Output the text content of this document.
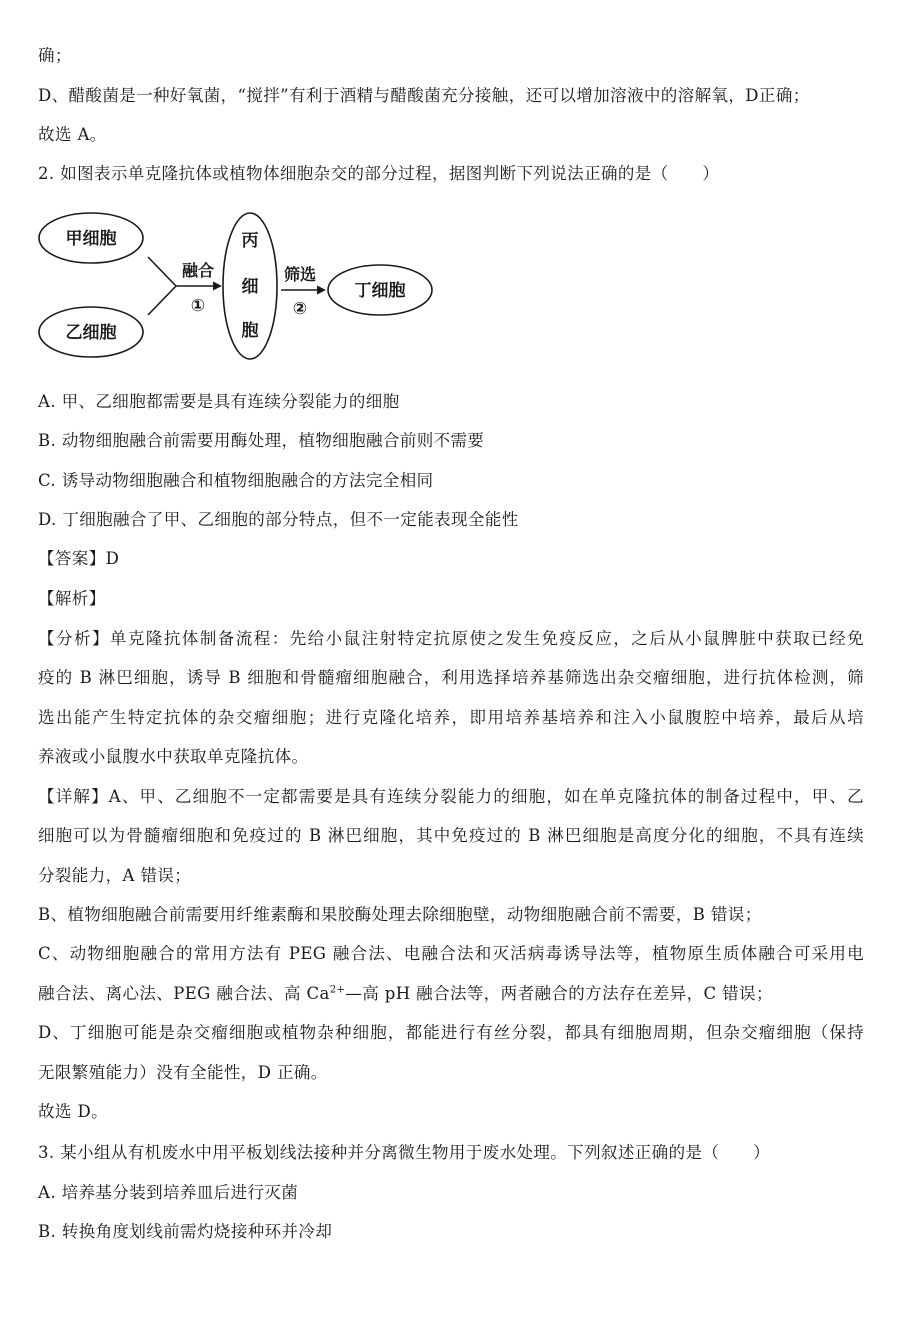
确；
D、醋酸菌是一种好氧菌，“搅拌”有利于酒精与醋酸菌充分接触，还可以增加溶液中的溶解氧，D正确；
故选 A。
2. 如图表示单克隆抗体或植物体细胞杂交的部分过程，据图判断下列说法正确的是（　　）
甲细胞
乙细胞
丙
细
胞
丁细胞
融合
①
筛选
②
A. 甲、乙细胞都需要是具有连续分裂能力的细胞
B. 动物细胞融合前需要用酶处理，植物细胞融合前则不需要
C. 诱导动物细胞融合和植物细胞融合的方法完全相同
D. 丁细胞融合了甲、乙细胞的部分特点，但不一定能表现全能性
【答案】D
【解析】
【分析】单克隆抗体制备流程：先给小鼠注射特定抗原使之发生免疫反应，之后从小鼠脾脏中获取已经免
疫的 B 淋巴细胞，诱导 B 细胞和骨髓瘤细胞融合，利用选择培养基筛选出杂交瘤细胞，进行抗体检测，筛
选出能产生特定抗体的杂交瘤细胞；进行克隆化培养，即用培养基培养和注入小鼠腹腔中培养，最后从培
养液或小鼠腹水中获取单克隆抗体。
【详解】A、甲、乙细胞不一定都需要是具有连续分裂能力的细胞，如在单克隆抗体的制备过程中，甲、乙
细胞可以为骨髓瘤细胞和免疫过的 B 淋巴细胞，其中免疫过的 B 淋巴细胞是高度分化的细胞，不具有连续
分裂能力，A 错误；
B、植物细胞融合前需要用纤维素酶和果胶酶处理去除细胞壁，动物细胞融合前不需要，B 错误；
C、动物细胞融合的常用方法有 PEG 融合法、电融合法和灭活病毒诱导法等，植物原生质体融合可采用电
融合法、离心法、PEG 融合法、高 $Ca^{2+}—$高 pH 融合法等，两者融合的方法存在差异，C 错误；
D、丁细胞可能是杂交瘤细胞或植物杂种细胞，都能进行有丝分裂，都具有细胞周期，但杂交瘤细胞（保持
无限繁殖能力）没有全能性，D 正确。
故选 D。
3. 某小组从有机废水中用平板划线法接种并分离微生物用于废水处理。下列叙述正确的是（　　）
A. 培养基分装到培养皿后进行灭菌
B. 转换角度划线前需灼烧接种环并冷却
